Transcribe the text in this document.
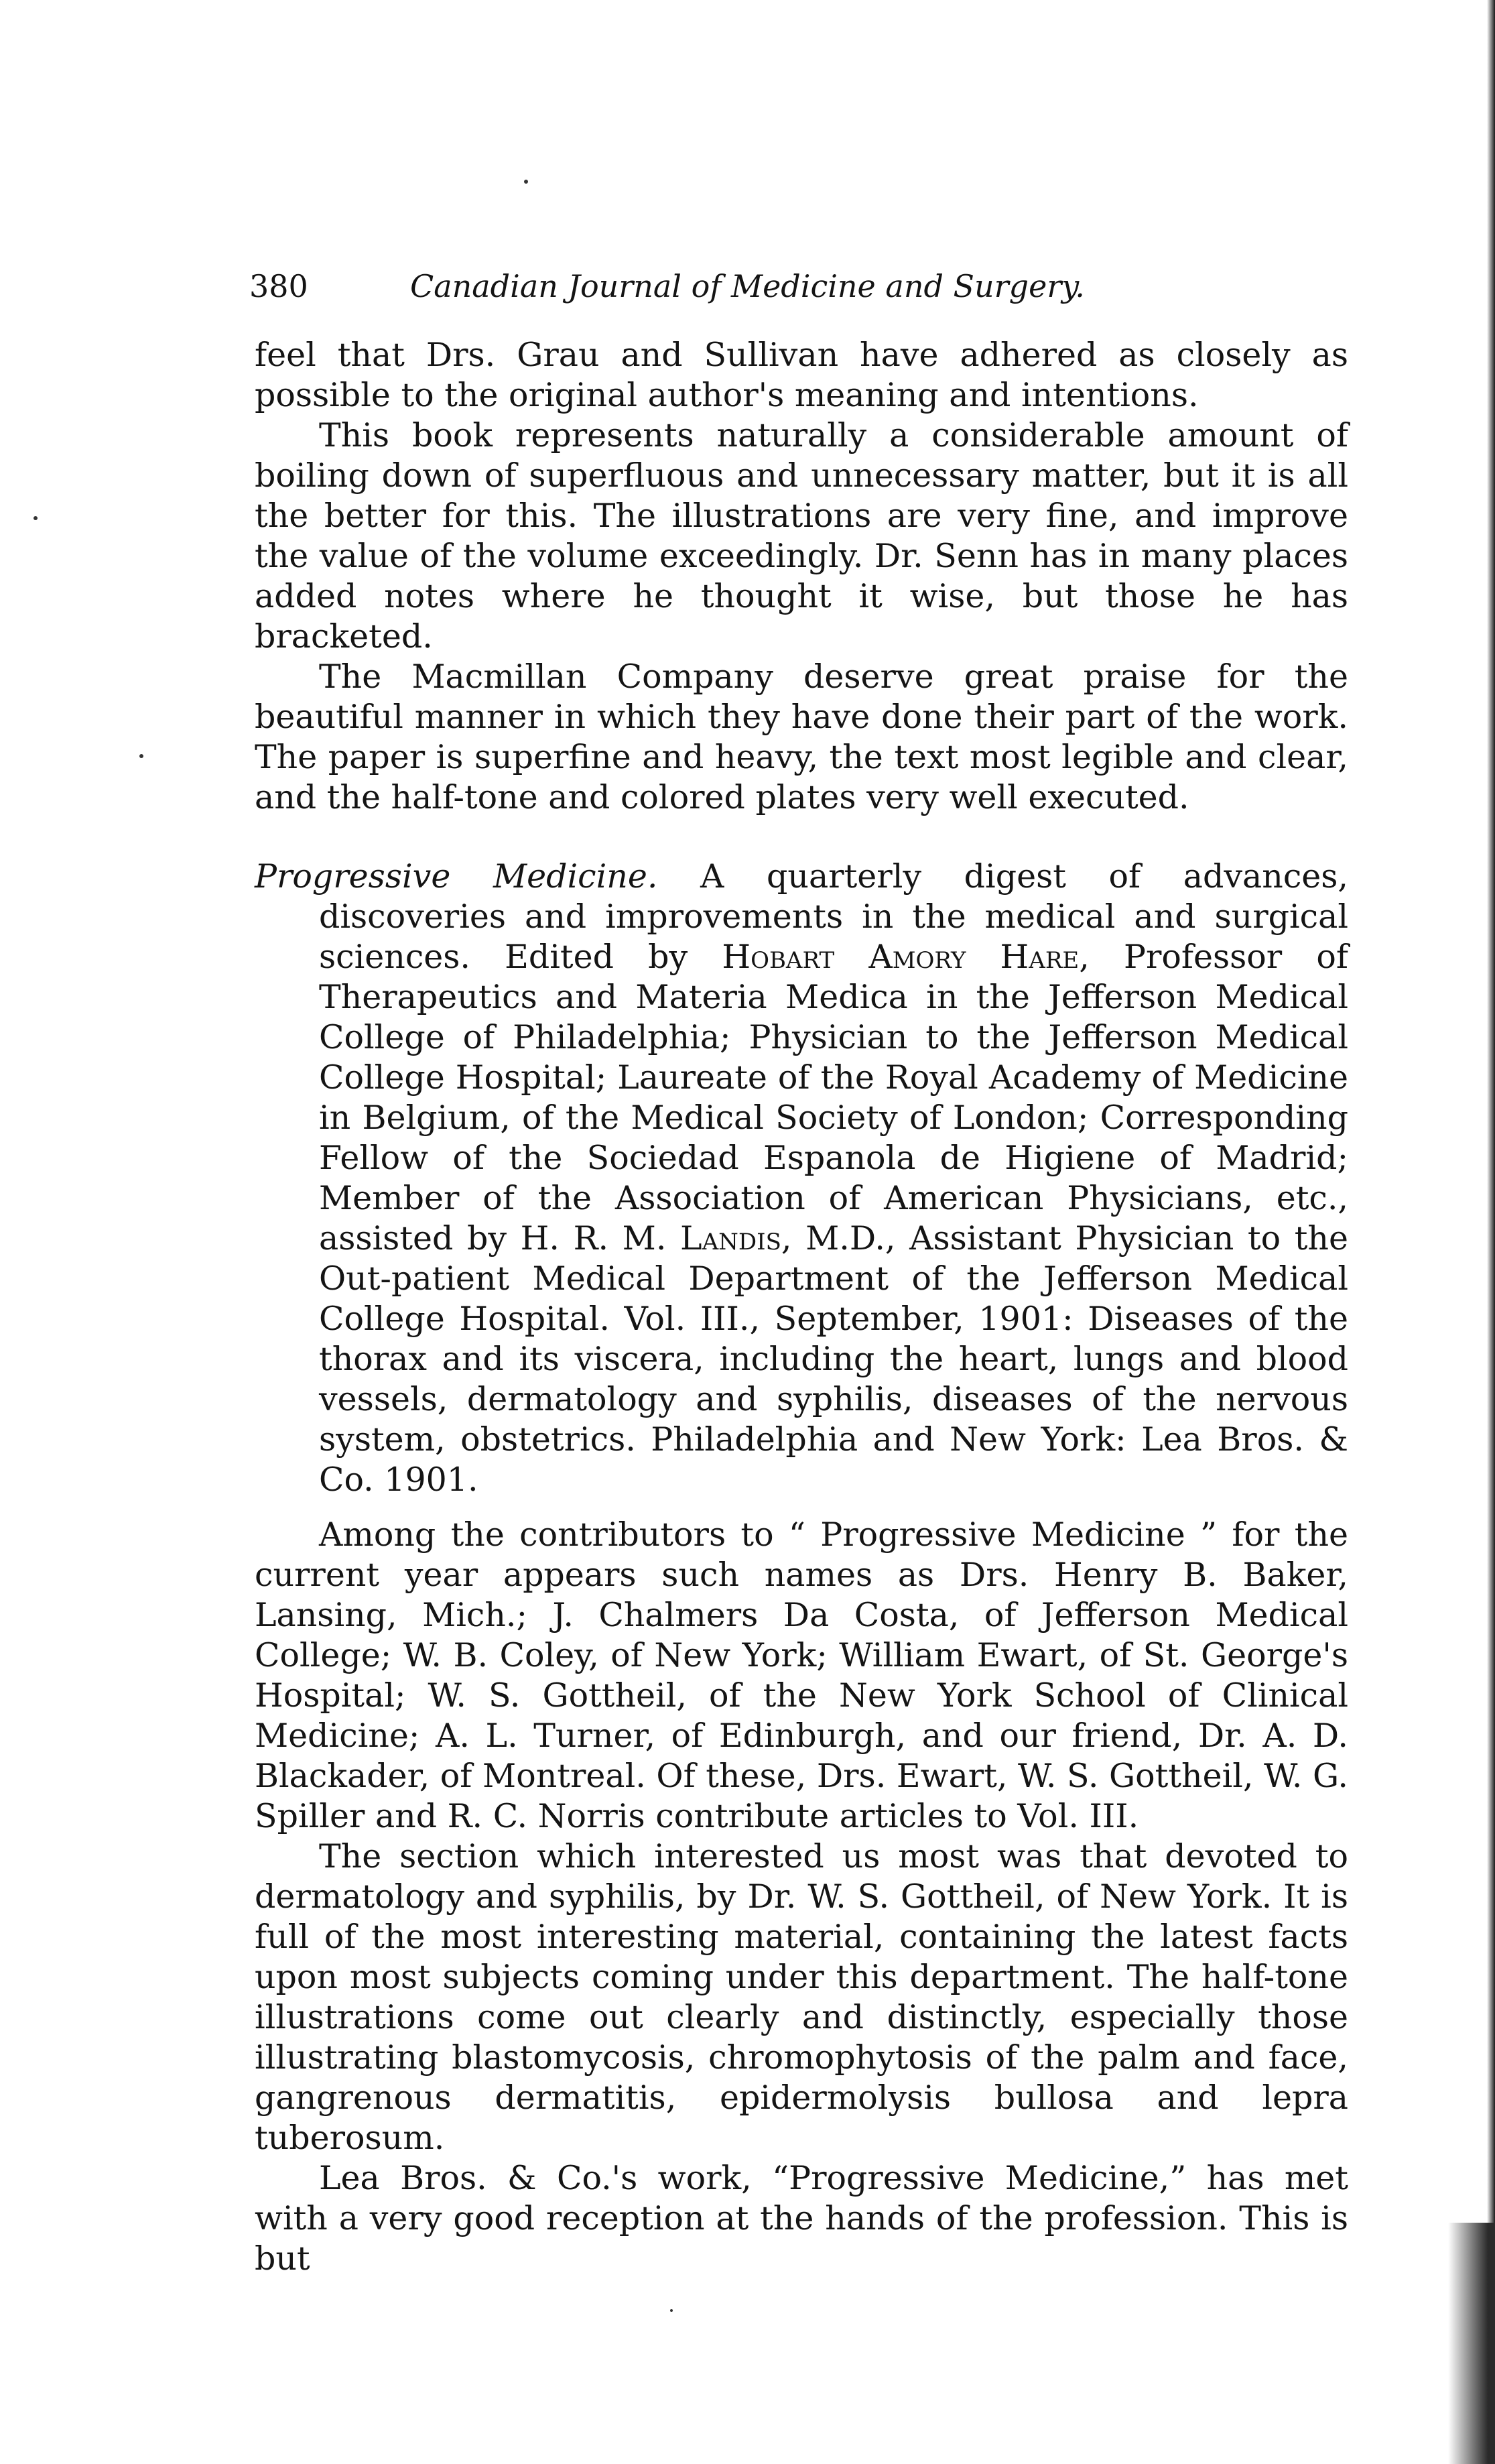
380	Canadian Journal of Medicine and Surgery.

feel that Drs. Grau and Sullivan have adhered as closely as possible to the original author's meaning and intentions.

This book represents naturally a considerable amount of boiling down of superfluous and unnecessary matter, but it is all the better for this. The illustrations are very fine, and improve the value of the volume exceedingly. Dr. Senn has in many places added notes where he thought it wise, but those he has bracketed.

The Macmillan Company deserve great praise for the beautiful manner in which they have done their part of the work. The paper is superfine and heavy, the text most legible and clear, and the half-tone and colored plates very well executed.

Progressive Medicine. A quarterly digest of advances, discoveries and improvements in the medical and surgical sciences. Edited by Hobart Amory Hare, Professor of Therapeutics and Materia Medica in the Jefferson Medical College of Philadelphia; Physician to the Jefferson Medical College Hospital; Laureate of the Royal Academy of Medicine in Belgium, of the Medical Society of London; Corresponding Fellow of the Sociedad Espanola de Higiene of Madrid; Member of the Association of American Physicians, etc., assisted by H. R. M. Landis, M.D., Assistant Physician to the Out-patient Medical Department of the Jefferson Medical College Hospital. Vol. III., September, 1901: Diseases of the thorax and its viscera, including the heart, lungs and blood vessels, dermatology and syphilis, diseases of the nervous system, obstetrics. Philadelphia and New York: Lea Bros. & Co. 1901.

Among the contributors to “ Progressive Medicine ” for the current year appears such names as Drs. Henry B. Baker, Lansing, Mich.; J. Chalmers Da Costa, of Jefferson Medical College; W. B. Coley, of New York; William Ewart, of St. George's Hospital; W. S. Gottheil, of the New York School of Clinical Medicine; A. L. Turner, of Edinburgh, and our friend, Dr. A. D. Blackader, of Montreal. Of these, Drs. Ewart, W. S. Gottheil, W. G. Spiller and R. C. Norris contribute articles to Vol. III.

The section which interested us most was that devoted to dermatology and syphilis, by Dr. W. S. Gottheil, of New York. It is full of the most interesting material, containing the latest facts upon most subjects coming under this department. The half-tone illustrations come out clearly and distinctly, especially those illustrating blastomycosis, chromophytosis of the palm and face, gangrenous dermatitis, epidermolysis bullosa and lepra tuberosum.

Lea Bros. & Co.'s work, “Progressive Medicine,” has met with a very good reception at the hands of the profession. This is but
